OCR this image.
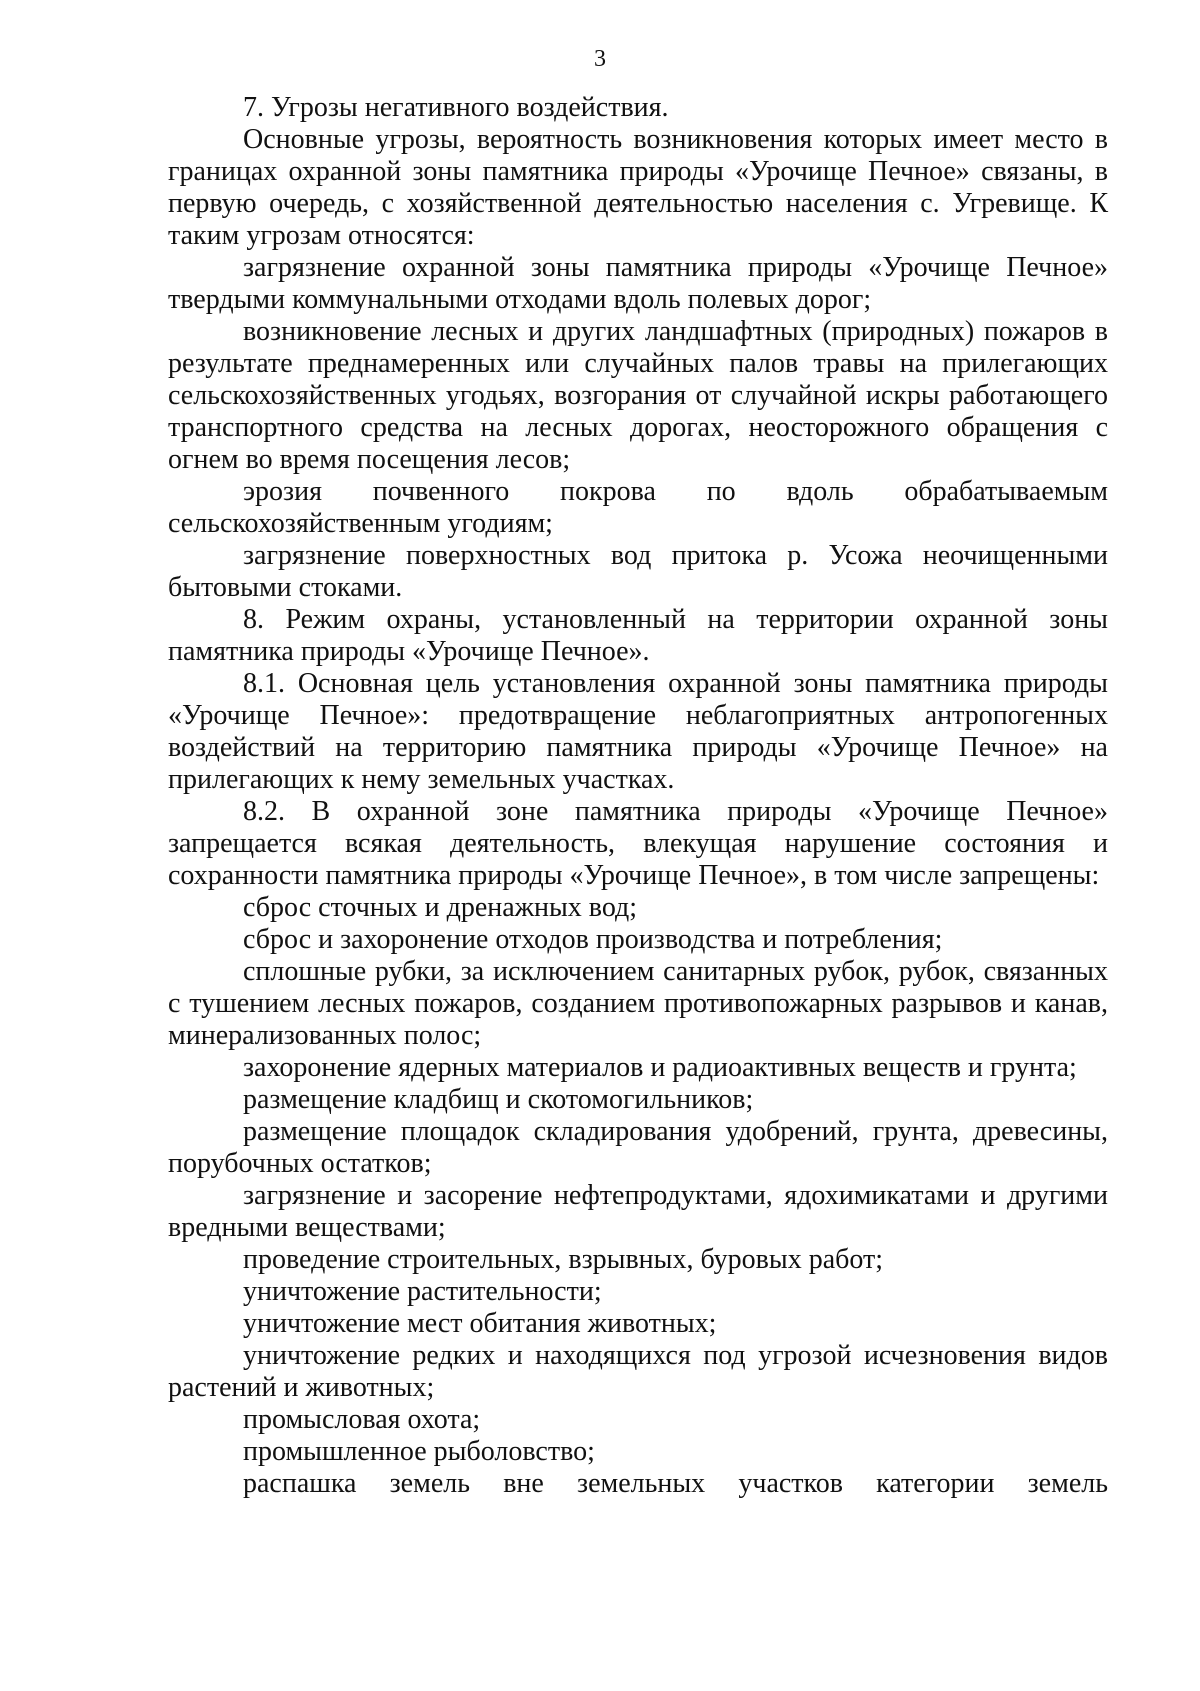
3

7. Угрозы негативного воздействия.

Основные угрозы, вероятность возникновения которых имеет место в границах охранной зоны памятника природы «Урочище Печное» связаны, в первую очередь, с хозяйственной деятельностью населения с. Угревище. К таким угрозам относятся:

загрязнение охранной зоны памятника природы «Урочище Печное» твердыми коммунальными отходами вдоль полевых дорог;

возникновение лесных и других ландшафтных (природных) пожаров в результате преднамеренных или случайных палов травы на прилегающих сельскохозяйственных угодьях, возгорания от случайной искры работающего транспортного средства на лесных дорогах, неосторожного обращения с огнем во время посещения лесов;

эрозия почвенного покрова по вдоль обрабатываемым сельскохозяйственным угодиям;

загрязнение поверхностных вод притока р. Усожа неочищенными бытовыми стоками.

8. Режим охраны, установленный на территории охранной зоны памятника природы «Урочище Печное».

8.1. Основная цель установления охранной зоны памятника природы «Урочище Печное»: предотвращение неблагоприятных антропогенных воздействий на территорию памятника природы «Урочище Печное» на прилегающих к нему земельных участках.

8.2. В охранной зоне памятника природы «Урочище Печное» запрещается всякая деятельность, влекущая нарушение состояния и сохранности памятника природы «Урочище Печное», в том числе запрещены:

сброс сточных и дренажных вод;

сброс и захоронение отходов производства и потребления;

сплошные рубки, за исключением санитарных рубок, рубок, связанных с тушением лесных пожаров, созданием противопожарных разрывов и канав, минерализованных полос;

захоронение ядерных материалов и радиоактивных веществ и грунта;

размещение кладбищ и скотомогильников;

размещение площадок складирования удобрений, грунта, древесины, порубочных остатков;

загрязнение и засорение нефтепродуктами, ядохимикатами и другими вредными веществами;

проведение строительных, взрывных, буровых работ;

уничтожение растительности;

уничтожение мест обитания животных;

уничтожение редких и находящихся под угрозой исчезновения видов растений и животных;

промысловая охота;

промышленное рыболовство;

распашка земель вне земельных участков категории земель
